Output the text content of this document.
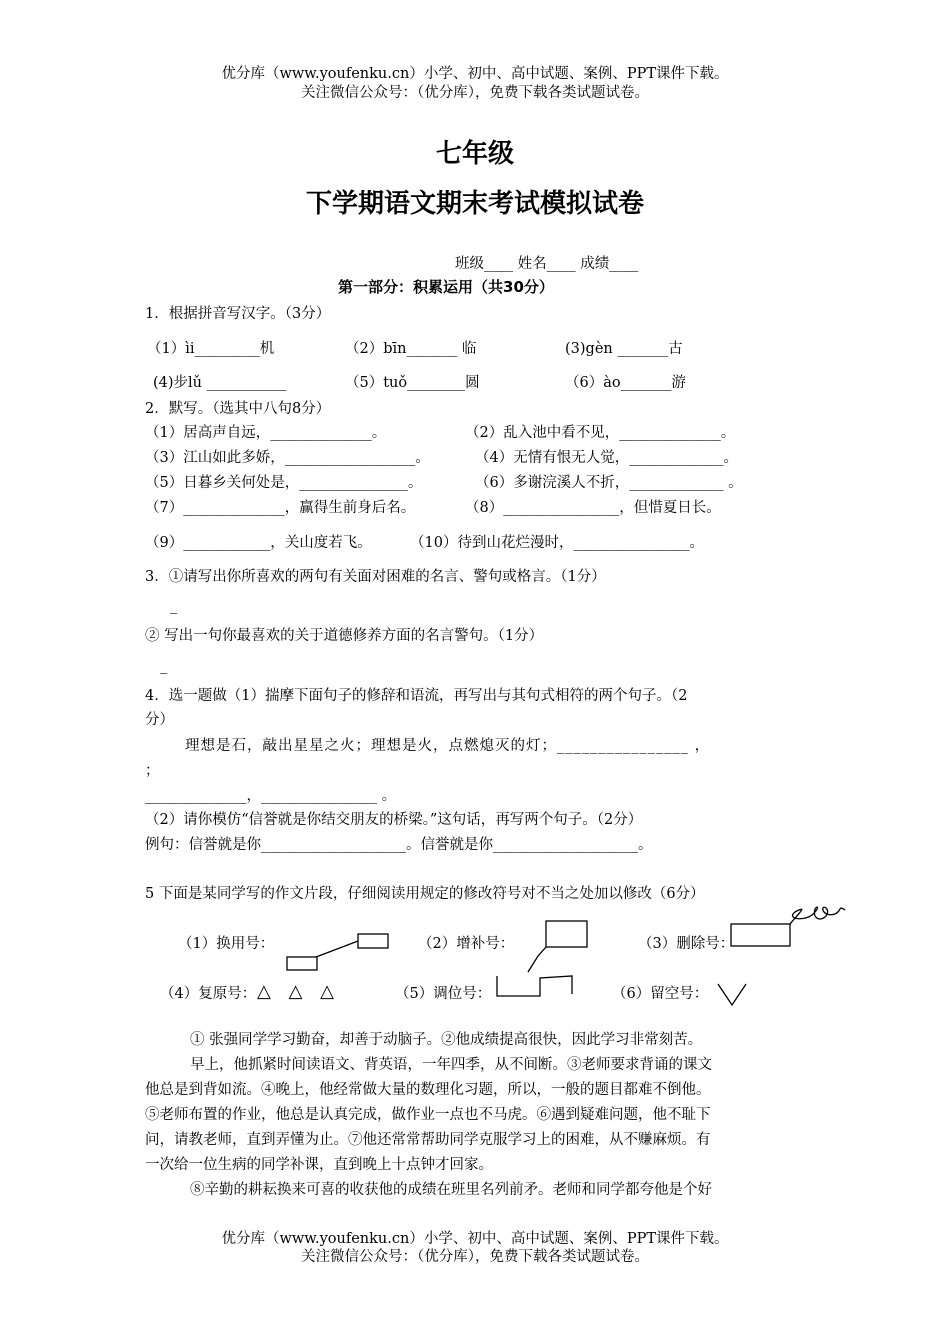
优分库（www.youfenku.cn）小学、初中、高中试题、案例、PPT课件下载。
关注微信公众号：（优分库），免费下载各类试题试卷。
七年级
下学期语文期末考试模拟试卷
班级____ 姓名____ 成绩____
第一部分：积累运用（共30分）
1．根据拼音写汉字。（3分）
（1）ìi_________机	（2）bīn_______ 临	(3)gèn _______古
(4)步lǔ ___________	（5）tuǒ________圆	（6）ào_______游
2．默写。（选其中八句8分）
（1）居高声自远，______________。	（2）乱入池中看不见，______________。
（3）江山如此多娇，__________________。	（4）无情有恨无人觉，_____________。
（5）日暮乡关何处是，_______________。	（6）多谢浣溪人不折，_____________ 。
（7）______________，赢得生前身后名。	（8）________________，但惜夏日长。
（9）____________，关山度若飞。	（10）待到山花烂漫时，________________。
3．①请写出你所喜欢的两句有关面对困难的名言、警句或格言。（1分）
_
② 写出一句你最喜欢的关于道德修养方面的名言警句。（1分）
_
4．选一题做（1）揣摩下面句子的修辞和语流，再写出与其句式相符的两个句子。（2
分）
理想是石，敲出星星之火；理想是火，点燃熄灭的灯；________________ ，
；
______________，________________ 。
（2）请你模仿“信誉就是你结交朋友的桥梁。”这句话，再写两个句子。（2分）
例句：信誉就是你____________________。信誉就是你____________________。
5 下面是某同学写的作文片段，仔细阅读用规定的修改符号对不当之处加以修改（6分）
（1）换用号：	（2）增补号：	（3）删除号：
（4）复原号： △ △ △	（5）调位号：	（6）留空号：
① 张强同学学习勤奋，却善于动脑子。②他成绩提高很快，因此学习非常刻苦。
早上，他抓紧时间读语文、背英语，一年四季，从不间断。③老师要求背诵的课文
他总是到背如流。④晚上，他经常做大量的数理化习题，所以，一般的题目都难不倒他。
⑤老师布置的作业，他总是认真完成，做作业一点也不马虎。⑥遇到疑难问题，他不耻下
问，请教老师，直到弄懂为止。⑦他还常常帮助同学克服学习上的困难，从不赚麻烦。有
一次给一位生病的同学补课，直到晚上十点钟才回家。
⑧辛勤的耕耘换来可喜的收获他的成绩在班里名列前矛。老师和同学都夸他是个好
优分库（www.youfenku.cn）小学、初中、高中试题、案例、PPT课件下载。
关注微信公众号：（优分库），免费下载各类试题试卷。
